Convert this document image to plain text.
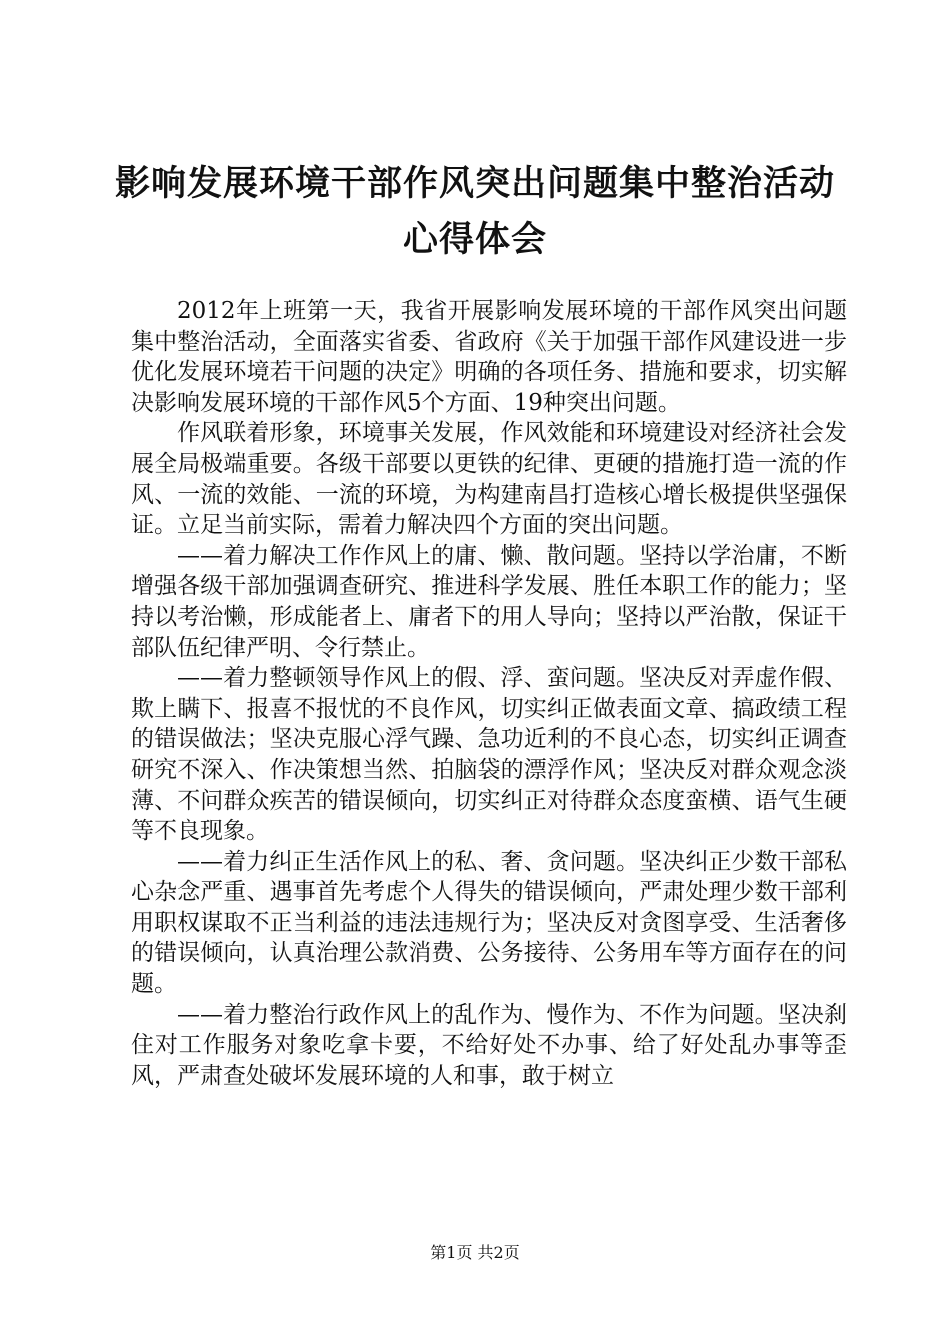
影响发展环境干部作风突出问题集中整治活动
心得体会

2012年上班第一天，我省开展影响发展环境的干部作风突出问题集中整治活动，全面落实省委、省政府《关于加强干部作风建设进一步优化发展环境若干问题的决定》明确的各项任务、措施和要求，切实解决影响发展环境的干部作风5个方面、19种突出问题。

作风联着形象，环境事关发展，作风效能和环境建设对经济社会发展全局极端重要。各级干部要以更铁的纪律、更硬的措施打造一流的作风、一流的效能、一流的环境，为构建南昌打造核心增长极提供坚强保证。立足当前实际，需着力解决四个方面的突出问题。

——着力解决工作作风上的庸、懒、散问题。坚持以学治庸，不断增强各级干部加强调查研究、推进科学发展、胜任本职工作的能力；坚持以考治懒，形成能者上、庸者下的用人导向；坚持以严治散，保证干部队伍纪律严明、令行禁止。

——着力整顿领导作风上的假、浮、蛮问题。坚决反对弄虚作假、欺上瞒下、报喜不报忧的不良作风，切实纠正做表面文章、搞政绩工程的错误做法；坚决克服心浮气躁、急功近利的不良心态，切实纠正调查研究不深入、作决策想当然、拍脑袋的漂浮作风；坚决反对群众观念淡薄、不问群众疾苦的错误倾向，切实纠正对待群众态度蛮横、语气生硬等不良现象。

——着力纠正生活作风上的私、奢、贪问题。坚决纠正少数干部私心杂念严重、遇事首先考虑个人得失的错误倾向，严肃处理少数干部利用职权谋取不正当利益的违法违规行为；坚决反对贪图享受、生活奢侈的错误倾向，认真治理公款消费、公务接待、公务用车等方面存在的问题。

——着力整治行政作风上的乱作为、慢作为、不作为问题。坚决刹住对工作服务对象吃拿卡要，不给好处不办事、给了好处乱办事等歪风，严肃查处破坏发展环境的人和事，敢于树立

第1页 共2页
